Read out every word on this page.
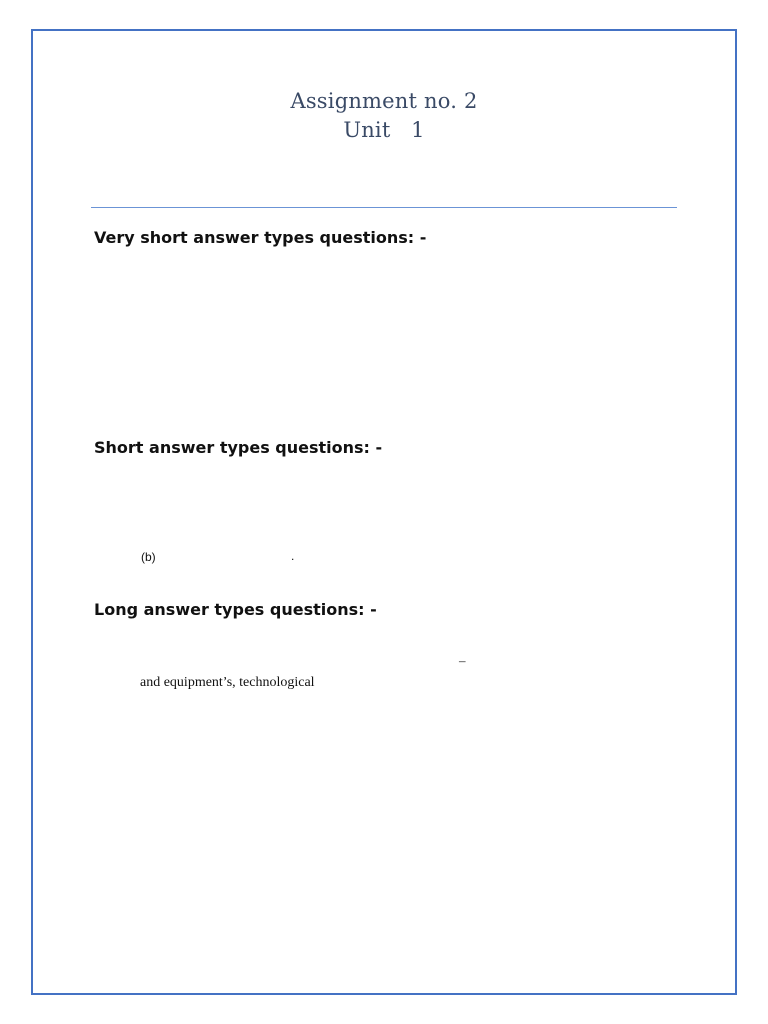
Assignment no. 2
Unit   1
Very short answer types questions: -
Short answer types questions: -
(b)	.
Long answer types questions: -
–
and equipment’s, technological
